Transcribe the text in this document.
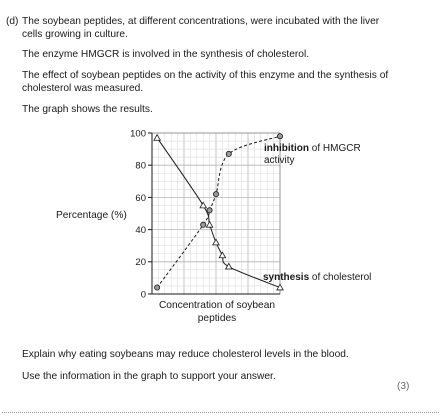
(d) The soybean peptides, at different concentrations, were incubated with the liver
cells growing in culture.
The enzyme HMGCR is involved in the synthesis of cholesterol.
The effect of soybean peptides on the activity of this enzyme and the synthesis of
cholesterol was measured.
The graph shows the results.
Percentage (%)
Concentration of soybean
peptides
0
20
40
60
80
100
inhibition of HMGCR
activity
synthesis of cholesterol
Explain why eating soybeans may reduce cholesterol levels in the blood.
Use the information in the graph to support your answer.
(3)
